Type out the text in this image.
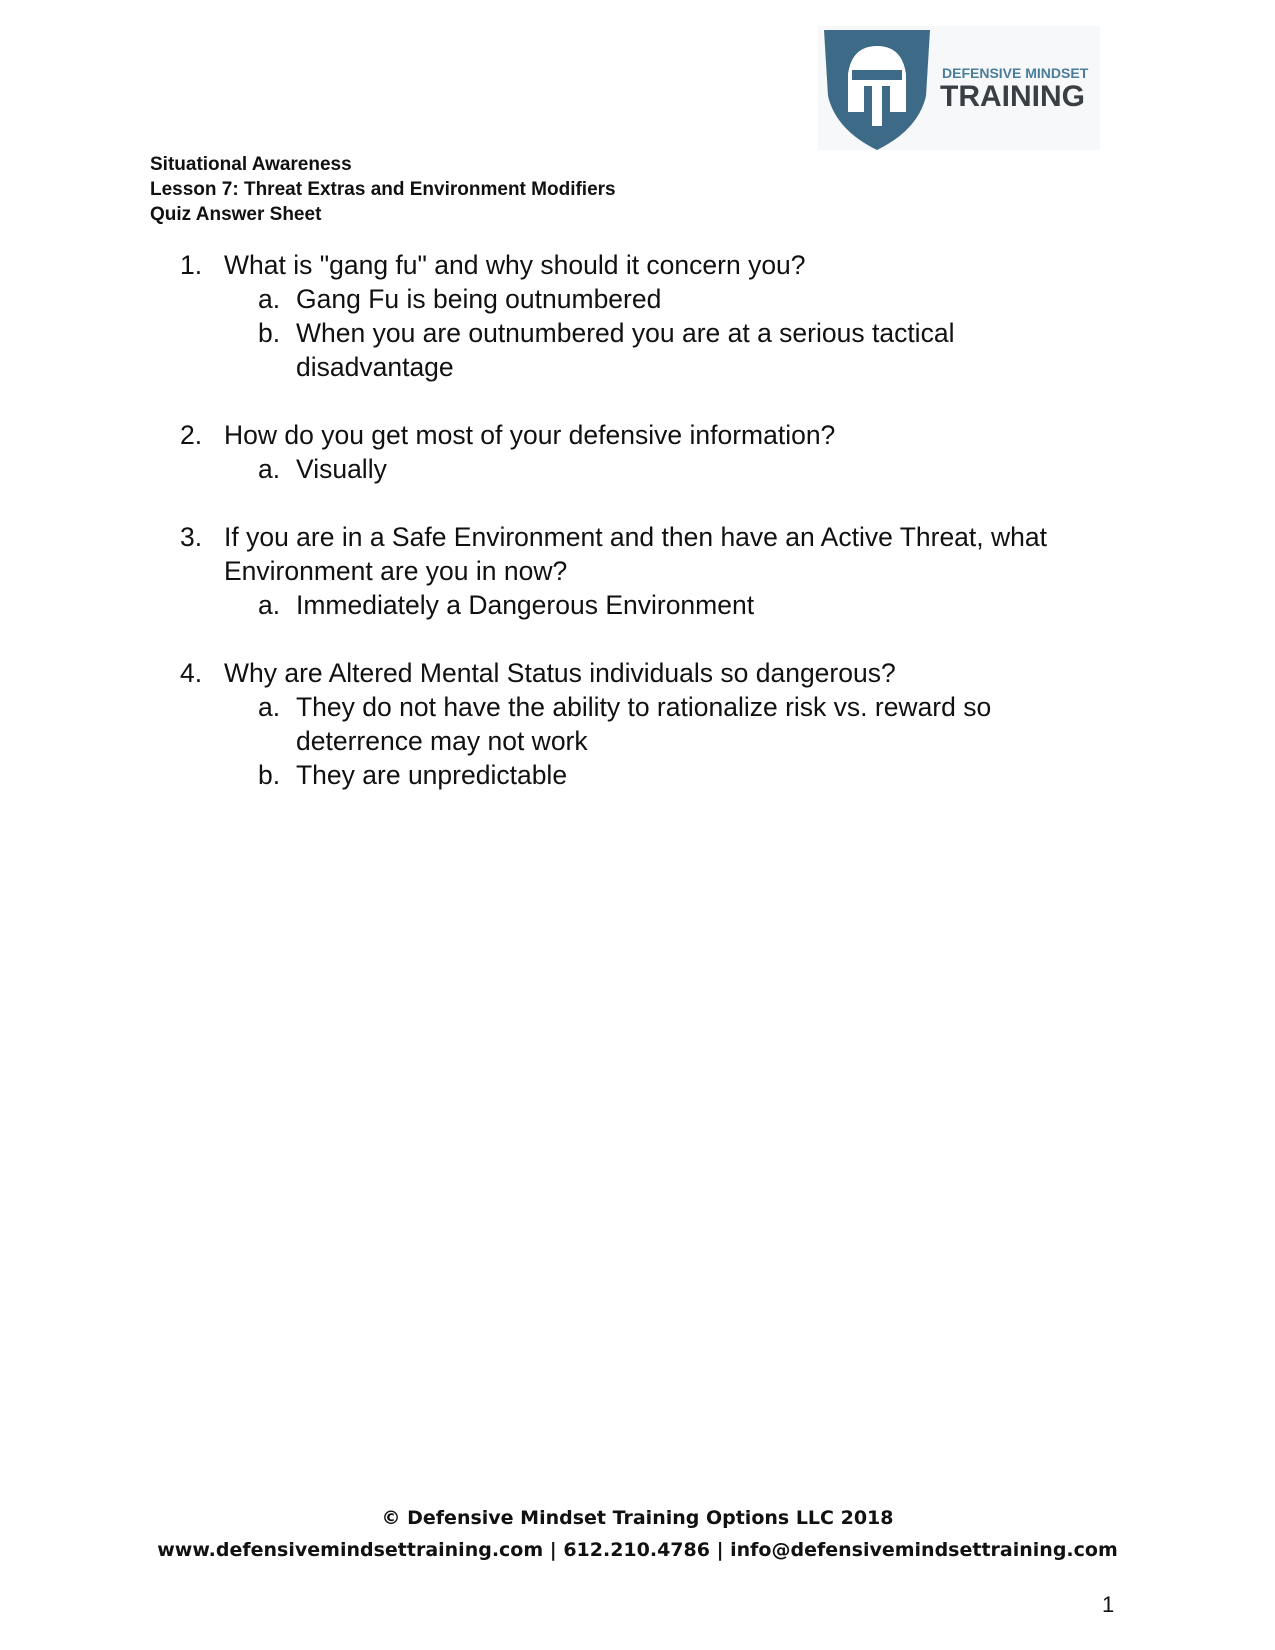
DEFENSIVE MINDSET
TRAINING
Situational Awareness
Lesson 7: Threat Extras and Environment Modifiers
Quiz Answer Sheet
1. What is "gang fu" and why should it concern you?
a. Gang Fu is being outnumbered
b. When you are outnumbered you are at a serious tactical disadvantage
2. How do you get most of your defensive information?
a. Visually
3. If you are in a Safe Environment and then have an Active Threat, what Environment are you in now?
a. Immediately a Dangerous Environment
4. Why are Altered Mental Status individuals so dangerous?
a. They do not have the ability to rationalize risk vs. reward so deterrence may not work
b. They are unpredictable
© Defensive Mindset Training Options LLC 2018
www.defensivemindsettraining.com | 612.210.4786 | info@defensivemindsettraining.com
1
